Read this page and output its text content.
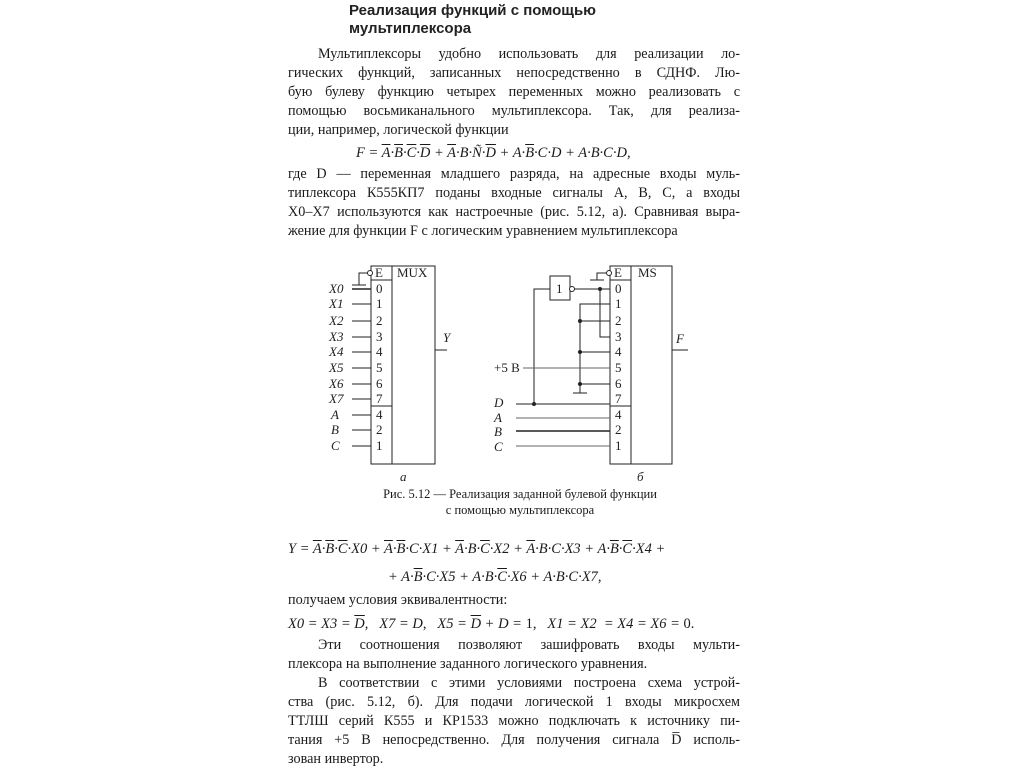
Реализация функций с помощью
мультиплексора
Мультиплексоры удобно использовать для реализации ло-
гических функций, записанных непосредственно в СДНФ. Лю-
бую булеву функцию четырех переменных можно реализовать с
помощью восьмиканального мультиплексора. Так, для реализа-
ции, например, логической функции
$F = \overline{A}\cdot\overline{B}\cdot\overline{C}\cdot\overline{D}$ + $\overline{A}\cdot B\cdot Ñ\cdot\overline{D} + A\cdot\overline{B}\cdot C\cdot D + A\cdot B\cdot C\cdot D$,
где D — переменная младшего разряда, на адресные входы муль-
типлексора К555КП7 поданы входные сигналы A, B, C, а входы
X0–X7 используются как настроечные (рис. 5.12, а). Сравнивая выра-
жение для функции F с логическим уравнением мультиплексора
E MUX
0
1
2
3
4
5
6
7
4
2
1
X0
X1
X2
X3
X4
X5
X6
X7
A
B
C
Y
а
E MS
1	0
1
2
3
4
5
6
7
4
2
1
+5 В
D
A
B
C
F
б
Рис. 5.12 — Реализация заданной булевой функции
с помощью мультиплексора
$Y = \overline{A}\cdot\overline{B}\cdot\overline{C}\cdot X0 + \overline{A}\cdot\overline{B}\cdot C\cdot X1 + \overline{A}\cdot B\cdot\overline{C}\cdot X2 + \overline{A}\cdot B\cdot C\cdot X3 + A\cdot\overline{B}\cdot\overline{C}\cdot X4$ +
+ $A\cdot\overline{B}\cdot C\cdot X5 + A\cdot B\cdot\overline{C}\cdot X6 + A\cdot B\cdot C\cdot X7$,
получаем условия эквивалентности:
$X0 = X3 = \overline{D}$,   X7 = D,   $X5 = \overline{D} + D = 1$,   X1 = X2  = X4 = X6 = 0.
Эти соотношения позволяют зашифровать входы мульти-
плексора на выполнение заданного логического уравнения.
В соответствии с этими условиями построена схема устрой-
ства (рис. 5.12, б). Для подачи логической 1 входы микросхем
ТТЛШ серий К555 и КР1533 можно подключать к источнику пи-
тания +5 В непосредственно. Для получения сигнала D̅ исполь-
зован инвертор.
